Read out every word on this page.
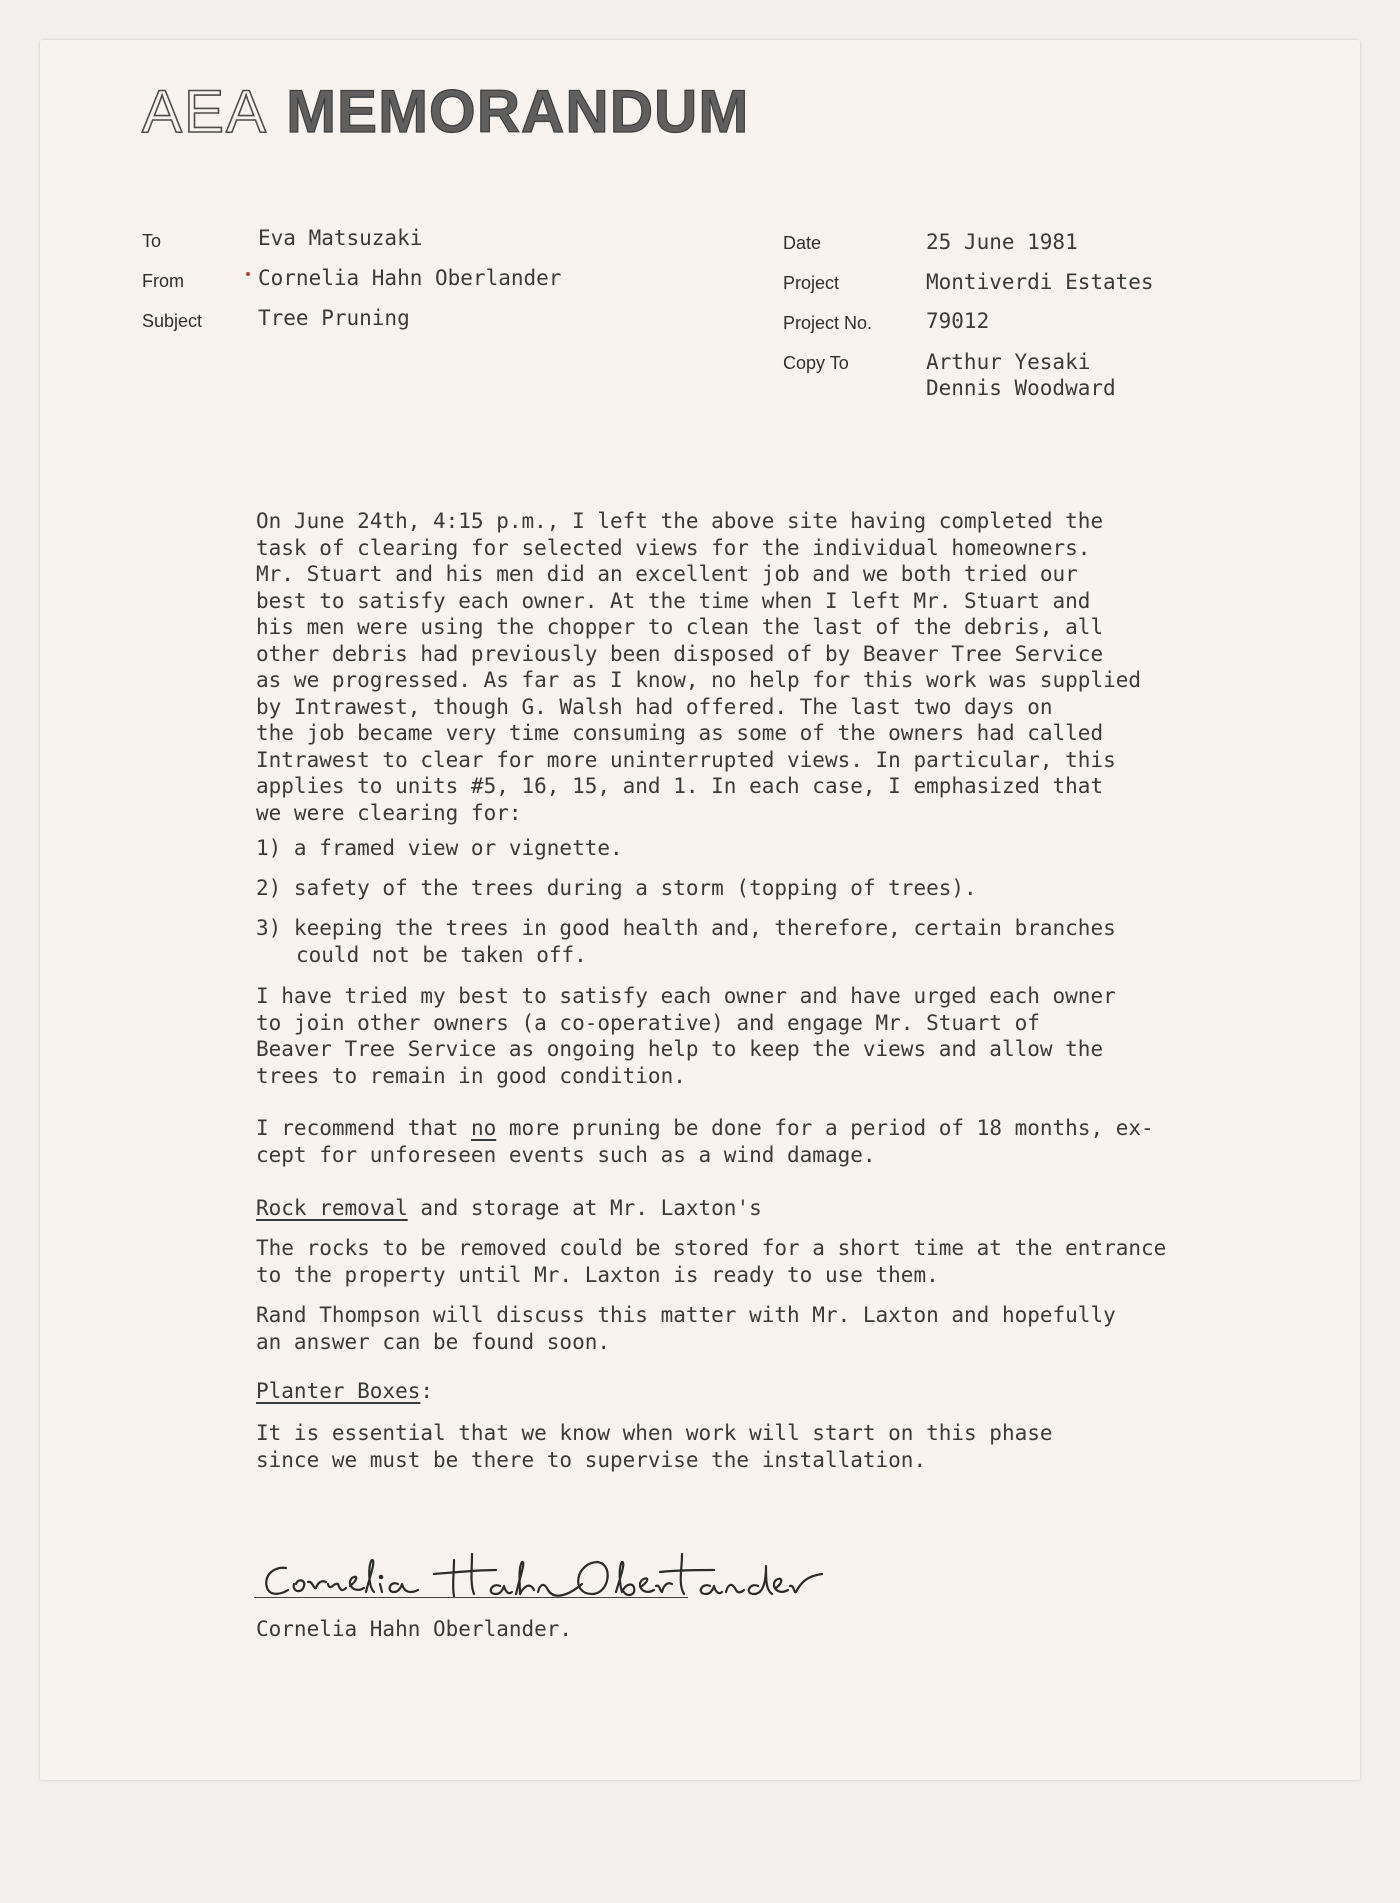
AEA MEMORANDUM
To	Eva Matsuzaki
From	Cornelia Hahn Oberlander
Subject	Tree Pruning
Date	25 June 1981
Project	Montiverdi Estates
Project No.	79012
Copy To	Arthur Yesaki
Dennis Woodward
On June 24th, 4:15 p.m., I left the above site having completed the
task of clearing for selected views for the individual homeowners.
Mr. Stuart and his men did an excellent job and we both tried our
best to satisfy each owner. At the time when I left Mr. Stuart and
his men were using the chopper to clean the last of the debris, all
other debris had previously been disposed of by Beaver Tree Service
as we progressed. As far as I know, no help for this work was supplied
by Intrawest, though G. Walsh had offered. The last two days on
the job became very time consuming as some of the owners had called
Intrawest to clear for more uninterrupted views. In particular, this
applies to units #5, 16, 15, and 1. In each case, I emphasized that
we were clearing for:
1) a framed view or vignette.
2) safety of the trees during a storm (topping of trees).
3) keeping the trees in good health and, therefore, certain branches
could not be taken off.
I have tried my best to satisfy each owner and have urged each owner
to join other owners (a co-operative) and engage Mr. Stuart of
Beaver Tree Service as ongoing help to keep the views and allow the
trees to remain in good condition.
I recommend that no more pruning be done for a period of 18 months, ex-
cept for unforeseen events such as a wind damage.
Rock removal and storage at Mr. Laxton's
The rocks to be removed could be stored for a short time at the entrance
to the property until Mr. Laxton is ready to use them.
Rand Thompson will discuss this matter with Mr. Laxton and hopefully
an answer can be found soon.
Planter Boxes:
It is essential that we know when work will start on this phase
since we must be there to supervise the installation.
Cornelia Hahn Oberlander.
